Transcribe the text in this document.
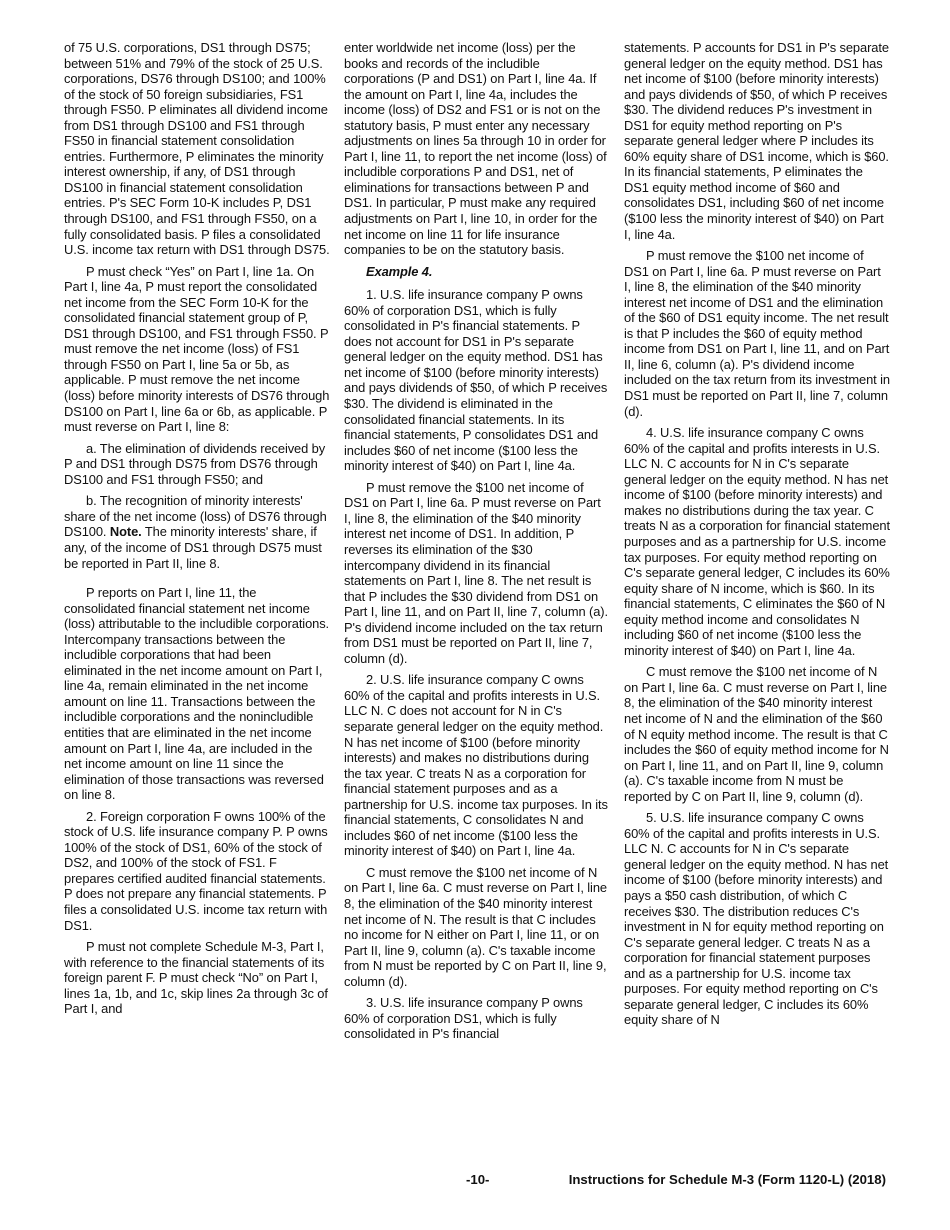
of 75 U.S. corporations, DS1 through DS75; between 51% and 79% of the stock of 25 U.S. corporations, DS76 through DS100; and 100% of the stock of 50 foreign subsidiaries, FS1 through FS50. P eliminates all dividend income from DS1 through DS100 and FS1 through FS50 in financial statement consolidation entries. Furthermore, P eliminates the minority interest ownership, if any, of DS1 through DS100 in financial statement consolidation entries. P's SEC Form 10-K includes P, DS1 through DS100, and FS1 through FS50, on a fully consolidated basis. P files a consolidated U.S. income tax return with DS1 through DS75.

P must check “Yes” on Part I, line 1a. On Part I, line 4a, P must report the consolidated net income from the SEC Form 10-K for the consolidated financial statement group of P, DS1 through DS100, and FS1 through FS50. P must remove the net income (loss) of FS1 through FS50 on Part I, line 5a or 5b, as applicable. P must remove the net income (loss) before minority interests of DS76 through DS100 on Part I, line 6a or 6b, as applicable. P must reverse on Part I, line 8:

a. The elimination of dividends received by P and DS1 through DS75 from DS76 through DS100 and FS1 through FS50; and

b. The recognition of minority interests' share of the net income (loss) of DS76 through DS100. Note. The minority interests' share, if any, of the income of DS1 through DS75 must be reported in Part II, line 8.

P reports on Part I, line 11, the consolidated financial statement net income (loss) attributable to the includible corporations. Intercompany transactions between the includible corporations that had been eliminated in the net income amount on Part I, line 4a, remain eliminated in the net income amount on line 11. Transactions between the includible corporations and the nonincludible entities that are eliminated in the net income amount on Part I, line 4a, are included in the net income amount on line 11 since the elimination of those transactions was reversed on line 8.

2. Foreign corporation F owns 100% of the stock of U.S. life insurance company P. P owns 100% of the stock of DS1, 60% of the stock of DS2, and 100% of the stock of FS1. F prepares certified audited financial statements. P does not prepare any financial statements. P files a consolidated U.S. income tax return with DS1.

P must not complete Schedule M-3, Part I, with reference to the financial statements of its foreign parent F. P must check “No” on Part I, lines 1a, 1b, and 1c, skip lines 2a through 3c of Part I, and

enter worldwide net income (loss) per the books and records of the includible corporations (P and DS1) on Part I, line 4a. If the amount on Part I, line 4a, includes the income (loss) of DS2 and FS1 or is not on the statutory basis, P must enter any necessary adjustments on lines 5a through 10 in order for Part I, line 11, to report the net income (loss) of includible corporations P and DS1, net of eliminations for transactions between P and DS1. In particular, P must make any required adjustments on Part I, line 10, in order for the net income on line 11 for life insurance companies to be on the statutory basis.

Example 4.

1. U.S. life insurance company P owns 60% of corporation DS1, which is fully consolidated in P's financial statements. P does not account for DS1 in P's separate general ledger on the equity method. DS1 has net income of $100 (before minority interests) and pays dividends of $50, of which P receives $30. The dividend is eliminated in the consolidated financial statements. In its financial statements, P consolidates DS1 and includes $60 of net income ($100 less the minority interest of $40) on Part I, line 4a.

P must remove the $100 net income of DS1 on Part I, line 6a. P must reverse on Part I, line 8, the elimination of the $40 minority interest net income of DS1. In addition, P reverses its elimination of the $30 intercompany dividend in its financial statements on Part I, line 8. The net result is that P includes the $30 dividend from DS1 on Part I, line 11, and on Part II, line 7, column (a). P's dividend income included on the tax return from DS1 must be reported on Part II, line 7, column (d).

2. U.S. life insurance company C owns 60% of the capital and profits interests in U.S. LLC N. C does not account for N in C's separate general ledger on the equity method. N has net income of $100 (before minority interests) and makes no distributions during the tax year. C treats N as a corporation for financial statement purposes and as a partnership for U.S. income tax purposes. In its financial statements, C consolidates N and includes $60 of net income ($100 less the minority interest of $40) on Part I, line 4a.

C must remove the $100 net income of N on Part I, line 6a. C must reverse on Part I, line 8, the elimination of the $40 minority interest net income of N. The result is that C includes no income for N either on Part I, line 11, or on Part II, line 9, column (a). C's taxable income from N must be reported by C on Part II, line 9, column (d).

3. U.S. life insurance company P owns 60% of corporation DS1, which is fully consolidated in P's financial

statements. P accounts for DS1 in P's separate general ledger on the equity method. DS1 has net income of $100 (before minority interests) and pays dividends of $50, of which P receives $30. The dividend reduces P's investment in DS1 for equity method reporting on P's separate general ledger where P includes its 60% equity share of DS1 income, which is $60. In its financial statements, P eliminates the DS1 equity method income of $60 and consolidates DS1, including $60 of net income ($100 less the minority interest of $40) on Part I, line 4a.

P must remove the $100 net income of DS1 on Part I, line 6a. P must reverse on Part I, line 8, the elimination of the $40 minority interest net income of DS1 and the elimination of the $60 of DS1 equity income. The net result is that P includes the $60 of equity method income from DS1 on Part I, line 11, and on Part II, line 6, column (a). P's dividend income included on the tax return from its investment in DS1 must be reported on Part II, line 7, column (d).

4. U.S. life insurance company C owns 60% of the capital and profits interests in U.S. LLC N. C accounts for N in C's separate general ledger on the equity method. N has net income of $100 (before minority interests) and makes no distributions during the tax year. C treats N as a corporation for financial statement purposes and as a partnership for U.S. income tax purposes. For equity method reporting on C's separate general ledger, C includes its 60% equity share of N income, which is $60. In its financial statements, C eliminates the $60 of N equity method income and consolidates N including $60 of net income ($100 less the minority interest of $40) on Part I, line 4a.

C must remove the $100 net income of N on Part I, line 6a. C must reverse on Part I, line 8, the elimination of the $40 minority interest net income of N and the elimination of the $60 of N equity method income. The result is that C includes the $60 of equity method income for N on Part I, line 11, and on Part II, line 9, column (a). C's taxable income from N must be reported by C on Part II, line 9, column (d).

5. U.S. life insurance company C owns 60% of the capital and profits interests in U.S. LLC N. C accounts for N in C's separate general ledger on the equity method. N has net income of $100 (before minority interests) and pays a $50 cash distribution, of which C receives $30. The distribution reduces C's investment in N for equity method reporting on C's separate general ledger. C treats N as a corporation for financial statement purposes and as a partnership for U.S. income tax purposes. For equity method reporting on C's separate general ledger, C includes its 60% equity share of N

-10-	Instructions for Schedule M-3 (Form 1120-L) (2018)
